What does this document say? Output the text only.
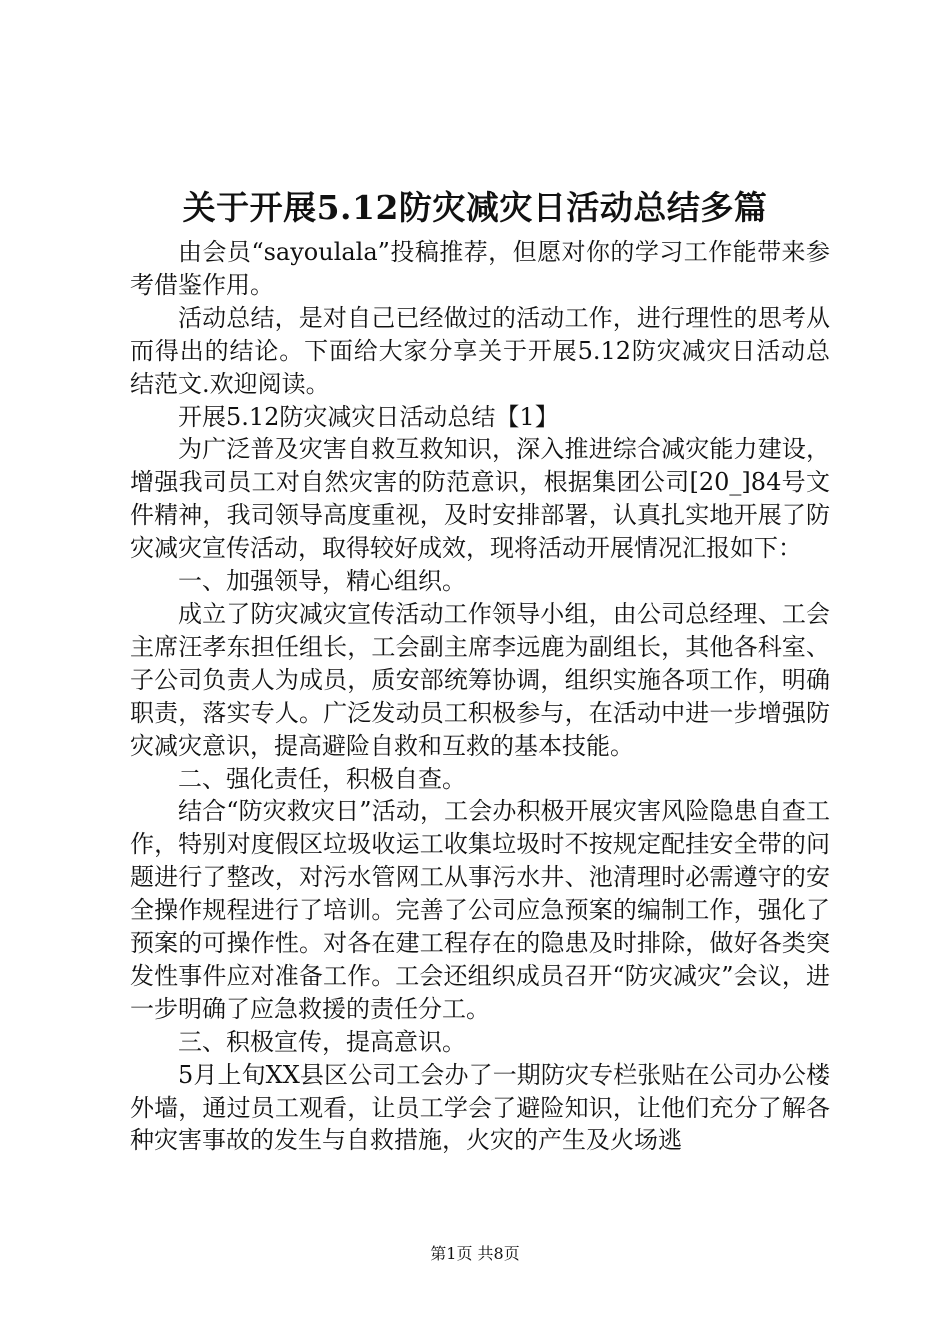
关于开展5.12防灾减灾日活动总结多篇

由会员“sayoulala”投稿推荐，但愿对你的学习工作能带来参考借鉴作用。

活动总结，是对自己已经做过的活动工作，进行理性的思考从而得出的结论。下面给大家分享关于开展5.12防灾减灾日活动总结范文.欢迎阅读。

开展5.12防灾减灾日活动总结【1】

为广泛普及灾害自救互救知识，深入推进综合减灾能力建设，增强我司员工对自然灾害的防范意识，根据集团公司[20_]84号文件精神，我司领导高度重视，及时安排部署，认真扎实地开展了防灾减灾宣传活动，取得较好成效，现将活动开展情况汇报如下：

一、加强领导，精心组织。

成立了防灾减灾宣传活动工作领导小组，由公司总经理、工会主席汪孝东担任组长，工会副主席李远鹿为副组长，其他各科室、子公司负责人为成员，质安部统筹协调，组织实施各项工作，明确职责，落实专人。广泛发动员工积极参与，在活动中进一步增强防灾减灾意识，提高避险自救和互救的基本技能。

二、强化责任，积极自查。

结合“防灾救灾日”活动，工会办积极开展灾害风险隐患自查工作，特别对度假区垃圾收运工收集垃圾时不按规定配挂安全带的问题进行了整改，对污水管网工从事污水井、池清理时必需遵守的安全操作规程进行了培训。完善了公司应急预案的编制工作，强化了预案的可操作性。对各在建工程存在的隐患及时排除，做好各类突发性事件应对准备工作。工会还组织成员召开“防灾减灾”会议，进一步明确了应急救援的责任分工。

三、积极宣传，提高意识。

5月上旬XX县区公司工会办了一期防灾专栏张贴在公司办公楼外墙，通过员工观看，让员工学会了避险知识，让他们充分了解各种灾害事故的发生与自救措施，火灾的产生及火场逃

第1页 共8页
